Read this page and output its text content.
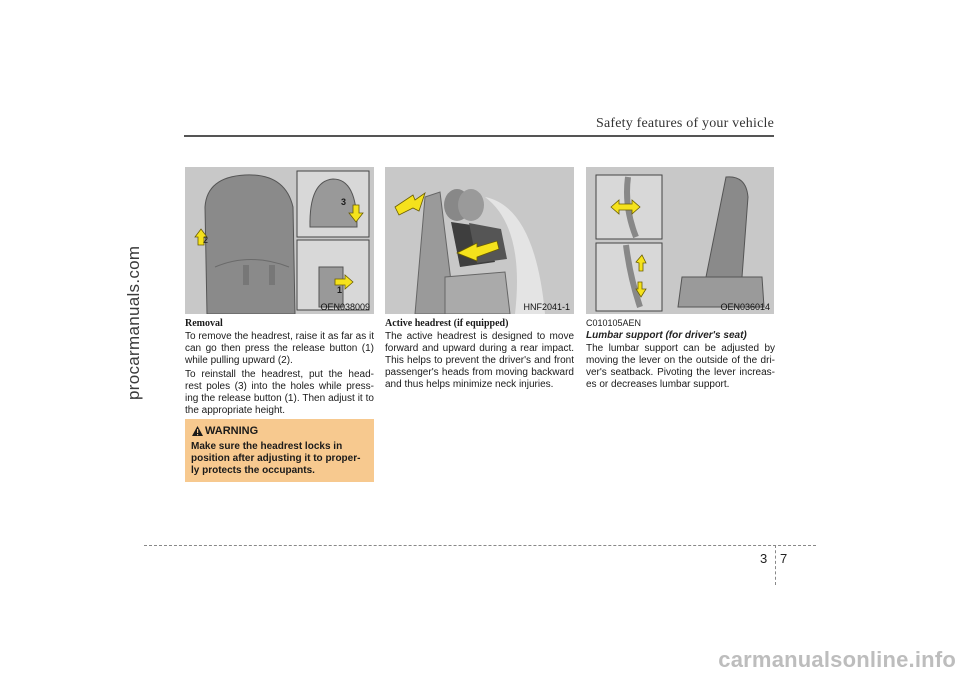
Safety features of your vehicle
2
3
1
OEN038009	HNF2041-1	OEN036014
Removal

To remove the headrest, raise it as far as it can go then press the release button (1) while pulling upward (2).

To reinstall the headrest, put the head- rest poles (3) into the holes while press- ing the release button (1). Then adjust it to the appropriate height.

WARNING
Make sure the headrest locks in position after adjusting it to proper- ly protects the occupants.
Active headrest (if equipped)

The active headrest is designed to move forward and upward during a rear impact. This helps to prevent the driver's and front passenger's heads from moving backward and thus helps minimize neck injuries.

C010105AEN
Lumbar support (for driver's seat)

The lumbar support can be adjusted by moving the lever on the outside of the dri- ver's seatback. Pivoting the lever increas- es or decreases lumbar support.

3 7
procarmanuals.com
carmanualsonline.info
